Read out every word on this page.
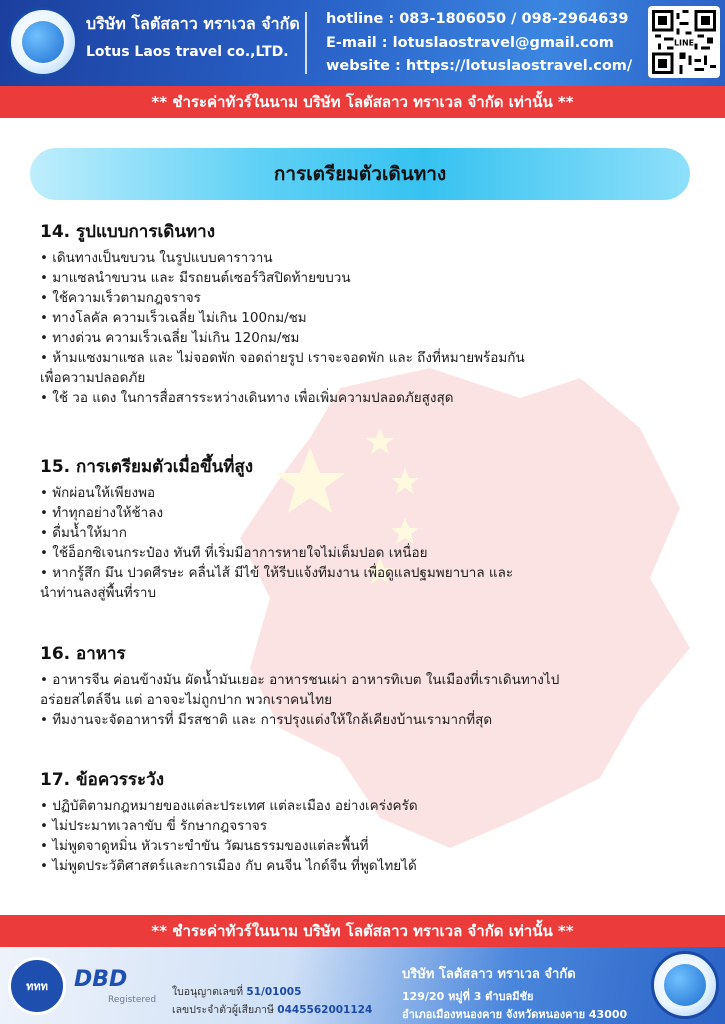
บริษัท โลตัสลาว ทราเวล จำกัด
Lotus Laos travel co.,LTD.
hotline : 083-1806050 / 098-2964639
E-mail : lotuslaostravel@gmail.com
website : https://lotuslaostravel.com/
LINE
** ชำระค่าทัวร์ในนาม บริษัท โลตัสลาว ทราเวล จำกัด เท่านั้น **
การเตรียมตัวเดินทาง
14. รูปแบบการเดินทาง
• เดินทางเป็นขบวน ในรูปแบบคาราวาน
• มาแซลนำขบวน และ มีรถยนต์เซอร์วิสปิดท้ายขบวน
• ใช้ความเร็วตามกฎจราจร
• ทางโลคัล ความเร็วเฉลี่ย ไม่เกิน 100กม/ชม
• ทางด่วน ความเร็วเฉลี่ย ไม่เกิน 120กม/ชม
• ห้ามแซงมาแซล และ ไม่จอดพัก จอดถ่ายรูป เราจะจอดพัก และ ถึงที่หมายพร้อมกัน
เพื่อความปลอดภัย
• ใช้ วอ แดง ในการสื่อสารระหว่างเดินทาง เพื่อเพิ่มความปลอดภัยสูงสุด
15. การเตรียมตัวเมื่อขึ้นที่สูง
• พักผ่อนให้เพียงพอ
• ทำทุกอย่างให้ช้าลง
• ดื่มน้ำให้มาก
• ใช้อ็อกซิเจนกระป๋อง ทันที ที่เริ่มมีอาการหายใจไม่เต็มปอด เหนื่อย
• หากรู้สึก มึน ปวดศีรษะ คลื่นไส้ มีไข้ ให้รีบแจ้งทีมงาน เพื่อดูแลปฐมพยาบาล และ
นำท่านลงสู่พื้นที่ราบ
16. อาหาร
• อาหารจีน ค่อนข้างมัน ผัดน้ำมันเยอะ อาหารชนเผ่า อาหารทิเบต ในเมืองที่เราเดินทางไป
อร่อยสไตล์จีน แต่ อาจจะไม่ถูกปาก พวกเราคนไทย
• ทีมงานจะจัดอาหารที่ มีรสชาติ และ การปรุงแต่งให้ใกล้เคียงบ้านเรามากที่สุด
17. ข้อควรระวัง
• ปฏิบัติตามกฎหมายของแต่ละประเทศ แต่ละเมือง อย่างเคร่งครัด
• ไม่ประมาทเวลาขับ ขี่ รักษากฎจราจร
• ไม่พูดจาดูหมิ่น หัวเราะขำขัน วัฒนธรรมของแต่ละพื้นที่
• ไม่พูดประวัติศาสตร์และการเมือง กับ คนจีน ไกด์จีน ที่พูดไทยได้
** ชำระค่าทัวร์ในนาม บริษัท โลตัสลาว ทราเวล จำกัด เท่านั้น **
ททท	DBD
Registered
ใบอนุญาตเลขที่ 51/01005
เลขประจำตัวผู้เสียภาษี 0445562001124
บริษัท โลตัสลาว ทราเวล จำกัด
129/20 หมู่ที่ 3 ตำบลมีชัย
อำเภอเมืองหนองคาย จังหวัดหนองคาย 43000
